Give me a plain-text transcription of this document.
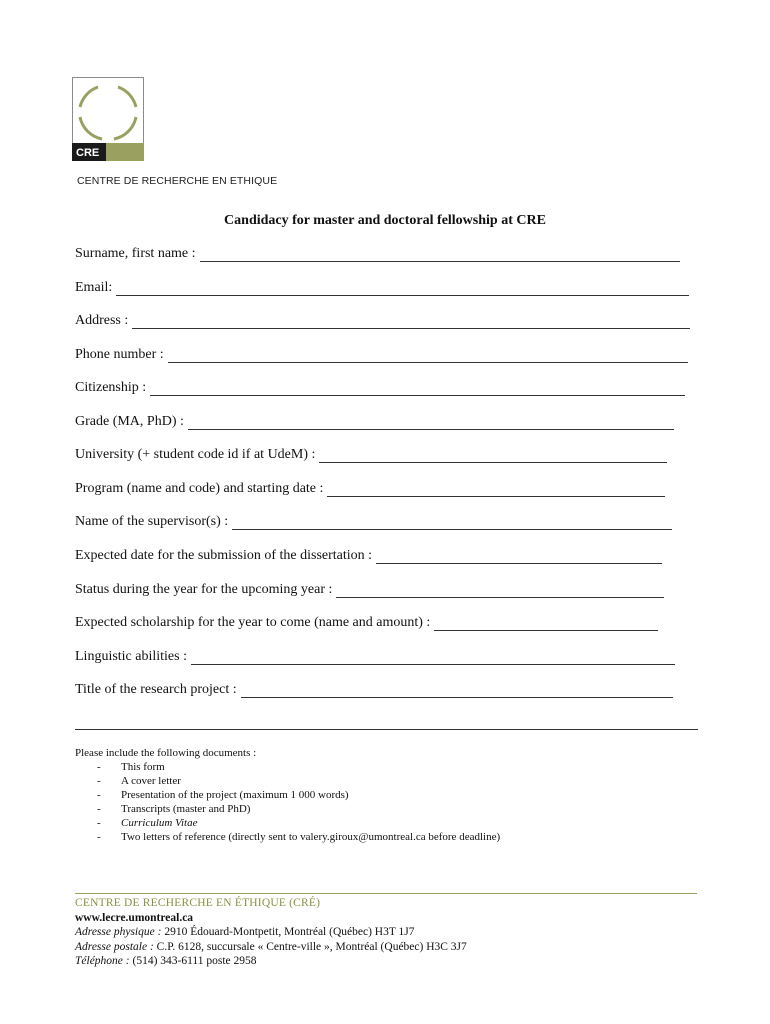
CRE
CENTRE DE RECHERCHE EN ETHIQUE
Candidacy for master and doctoral fellowship at CRE
Surname, first name :
Email:
Address :
Phone number :
Citizenship :
Grade (MA, PhD) :
University (+ student code id if at UdeM) :
Program (name and code) and starting date :
Name of the supervisor(s) :
Expected date for the submission of the dissertation :
Status during the year for the upcoming year :
Expected scholarship for the year to come (name and amount) :
Linguistic abilities :
Title of the research project :
Please include the following documents :
- This form
- A cover letter
- Presentation of the project (maximum 1 000 words)
- Transcripts (master and PhD)
- Curriculum Vitae
- Two letters of reference (directly sent to valery.giroux@umontreal.ca before deadline)
CENTRE DE RECHERCHE EN ÉTHIQUE (CRÉ)
www.lecre.umontreal.ca
Adresse physique : 2910 Édouard-Montpetit, Montréal (Québec) H3T 1J7
Adresse postale : C.P. 6128, succursale « Centre-ville », Montréal (Québec) H3C 3J7
Téléphone : (514) 343-6111 poste 2958
